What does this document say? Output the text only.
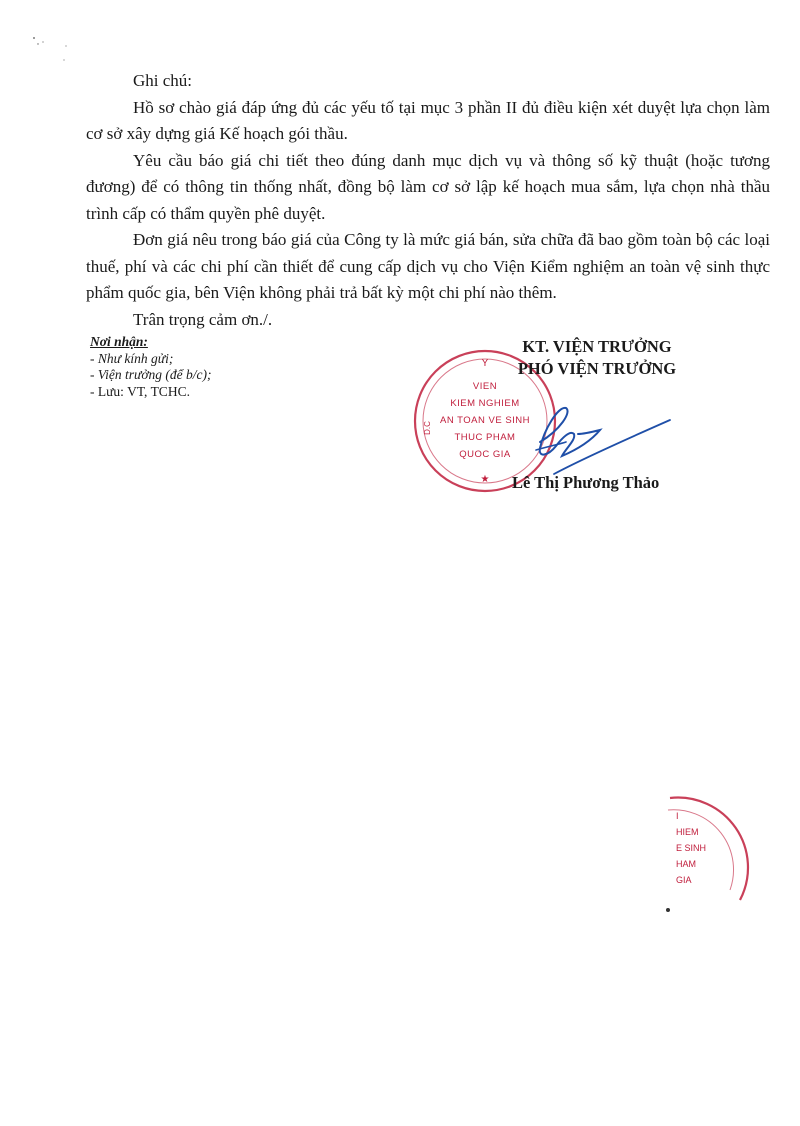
Ghi chú:

Hồ sơ chào giá đáp ứng đủ các yếu tố tại mục 3 phần II đủ điều kiện xét duyệt lựa chọn làm cơ sở xây dựng giá Kế hoạch gói thầu.

Yêu cầu báo giá chi tiết theo đúng danh mục dịch vụ và thông số kỹ thuật (hoặc tương đương) để có thông tin thống nhất, đồng bộ làm cơ sở lập kế hoạch mua sắm, lựa chọn nhà thầu trình cấp có thẩm quyền phê duyệt.

Đơn giá nêu trong báo giá của Công ty là mức giá bán, sửa chữa đã bao gồm toàn bộ các loại thuế, phí và các chi phí cần thiết để cung cấp dịch vụ cho Viện Kiểm nghiệm an toàn vệ sinh thực phẩm quốc gia, bên Viện không phải trả bất kỳ một chi phí nào thêm.

Trân trọng cảm ơn./.

Nơi nhận:
- Như kính gửi;
- Viện trưởng (để b/c);
- Lưu: VT, TCHC.
Y
D.C
★
VIEN
KIEM NGHIEM
AN TOAN VE SINH
THUC PHAM
QUOC GIA
KT. VIỆN TRƯỞNG
PHÓ VIỆN TRƯỞNG
Lê Thị Phương Thảo
I
HIEM
E SINH
HAM
GIA
